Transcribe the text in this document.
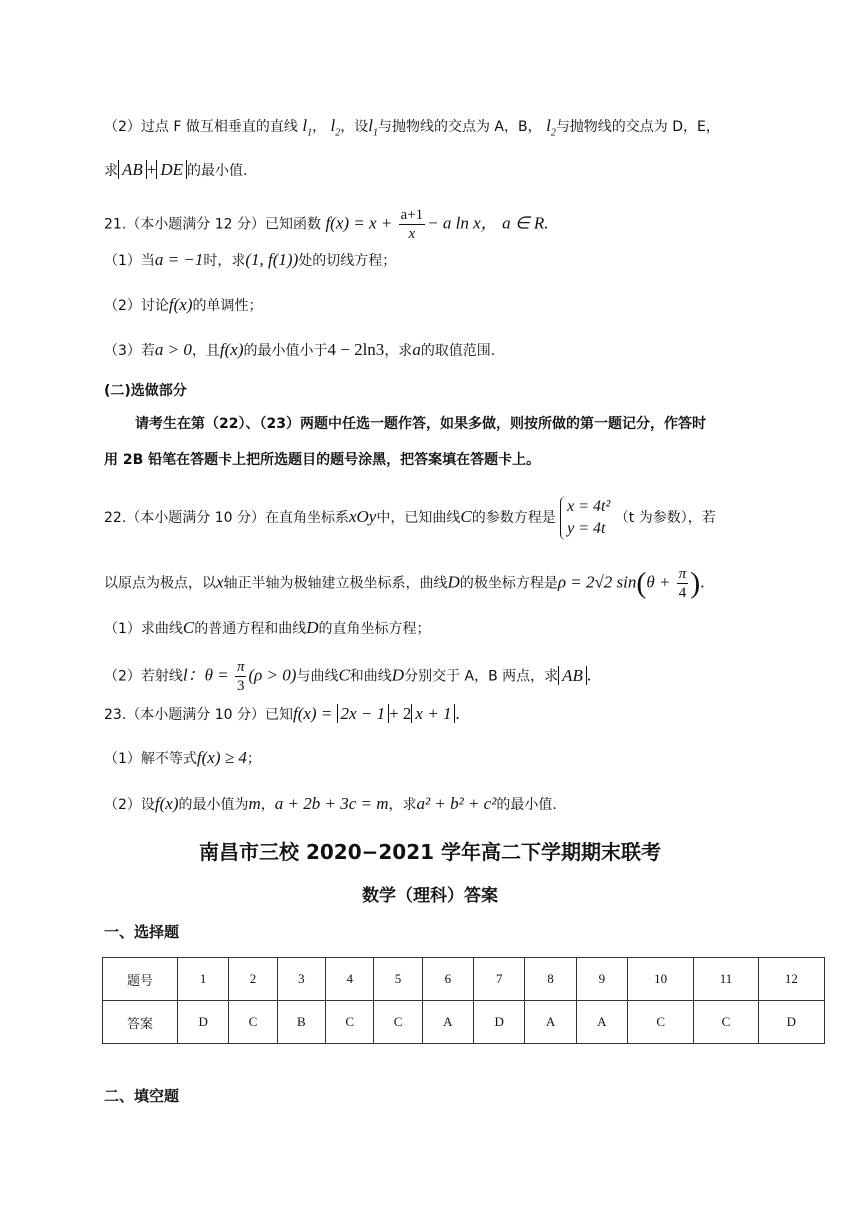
（2）过点 F 做互相垂直的直线 $l_1$， $l_2$，设$l_1$与抛物线的交点为 A，B， $l_2$与抛物线的交点为 D，E，
求 AB + DE 的最小值.
21.（本小题满分 12 分）已知函数 $f(x) = x + \frac{a+1}{x} - a$ ln x， a ∈ R.
（1）当a = −1时，求(1, f(1))处的切线方程；
（2）讨论f(x)的单调性；
（3）若a > 0，且f(x)的最小值小于4 − 2ln3，求a的取值范围.
(二)选做部分
请考生在第（22）、（23）两题中任选一题作答，如果多做，则按所做的第一题记分，作答时
用 2B 铅笔在答题卡上把所选题目的题号涂黑，把答案填在答题卡上。
22.（本小题满分 10 分）在直角坐标系xOy中，已知曲线C的参数方程是 x = 4t²
y = 4t （t 为参数），若
以原点为极点，以x轴正半轴为极轴建立极坐标系，曲线D的极坐标方程是ρ = 2√2 $\sin(\theta + \frac{\pi}{4}$ ).
（1）求曲线C的普通方程和曲线D的直角坐标方程；
（2）若射线l：$\theta = \frac{\pi}{3} (\rho > 0)$与曲线C和曲线D分别交于 A，B 两点，求 AB .
23.（本小题满分 10 分）已知f(x) = 2x − 1 + 2 x + 1 .
（1）解不等式f(x) ≥ 4；
（2）设f(x)的最小值为m，a + 2b + 3c = m，求a² + b² + c²的最小值.
南昌市三校 2020−2021 学年高二下学期期末联考
数学（理科）答案
一、选择题
题号	1	2	3	4	5	6	7	8	9	10	11	12
答案	D	C	B	C	C	A	D	A	A	C	C	D
二、填空题
